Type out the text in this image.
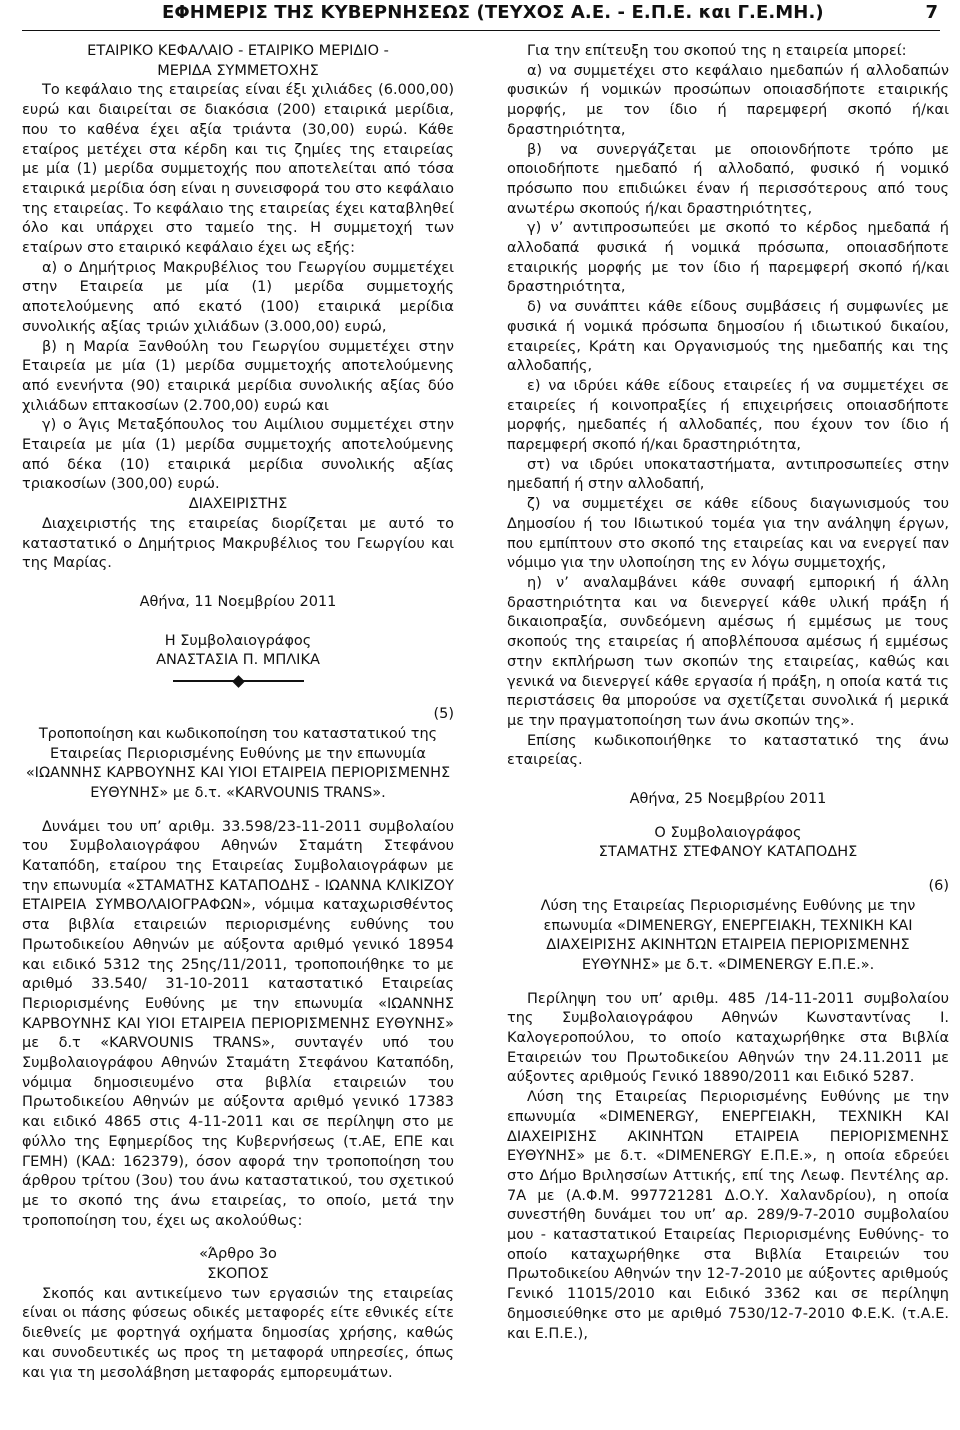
ΕΦΗΜΕΡΙΣ ΤΗΣ ΚΥΒΕΡΝΗΣΕΩΣ (ΤΕΥΧΟΣ Α.Ε. - Ε.Π.Ε. και Γ.Ε.ΜΗ.)	7

ΕΤΑΙΡΙΚΟ ΚΕΦΑΛΑΙΟ - ΕΤΑΙΡΙΚΟ ΜΕΡΙΔΙΟ -

ΜΕΡΙΔΑ ΣΥΜΜΕΤΟΧΗΣ

Το κεφάλαιο της εταιρείας είναι έξι χιλιάδες (6.000,00) ευρώ και διαιρείται σε διακόσια (200) εταιρικά μερίδια, που το καθένα έχει αξία τριάντα (30,00) ευρώ. Κάθε εταίρος μετέχει στα κέρδη και τις ζημίες της εταιρείας με μία (1) μερίδα συμμετοχής που αποτελείται από τόσα εταιρικά μερίδια όση είναι η συνεισφορά του στο κεφάλαιο της εταιρείας. Το κεφάλαιο της εταιρείας έχει καταβληθεί όλο και υπάρχει στο ταμείο της. Η συμμετοχή των εταίρων στο εταιρικό κεφάλαιο έχει ως εξής:

α) ο Δημήτριος Μακρυβέλιος του Γεωργίου συμμετέχει στην Εταιρεία με μία (1) μερίδα συμμετοχής αποτελούμενης από εκατό (100) εταιρικά μερίδια συνολικής αξίας τριών χιλιάδων (3.000,00) ευρώ,

β) η Μαρία Ξανθούλη του Γεωργίου συμμετέχει στην Εταιρεία με μία (1) μερίδα συμμετοχής αποτελούμενης από ενενήντα (90) εταιρικά μερίδια συνολικής αξίας δύο χιλιάδων επτακοσίων (2.700,00) ευρώ και

γ) ο Άγις Μεταξόπουλος του Αιμίλιου συμμετέχει στην Εταιρεία με μία (1) μερίδα συμμετοχής αποτελούμενης από δέκα (10) εταιρικά μερίδια συνολικής αξίας τριακοσίων (300,00) ευρώ.

ΔΙΑΧΕΙΡΙΣΤΗΣ

Διαχειριστής της εταιρείας διορίζεται με αυτό το καταστατικό ο Δημήτριος Μακρυβέλιος του Γεωργίου και της Μαρίας.

Αθήνα, 11 Νοεμβρίου 2011

Η Συμβολαιογράφος

ΑΝΑΣΤΑΣΙΑ Π. ΜΠΛΙΚΑ

(5)

Τροποποίηση και κωδικοποίηση του καταστατικού της Εταιρείας Περιορισμένης Ευθύνης με την επωνυμία «ΙΩΑΝΝΗΣ ΚΑΡΒΟΥΝΗΣ ΚΑΙ ΥΙΟΙ ΕΤΑΙΡΕΙΑ ΠΕΡΙΟΡΙΣΜΕΝΗΣ ΕΥΘΥΝΗΣ» με δ.τ. «KARVOUNIS TRANS».

Δυνάμει του υπ’ αριθμ. 33.598/23-11-2011 συμβολαίου του Συμβολαιογράφου Αθηνών Σταμάτη Στεφάνου Καταπόδη, εταίρου της Εταιρείας Συμβολαιογράφων με την επωνυμία «ΣΤΑΜΑΤΗΣ ΚΑΤΑΠΟΔΗΣ - ΙΩΑΝΝΑ ΚΛΙΚΙΖΟΥ ΕΤΑΙΡΕΙΑ ΣΥΜΒΟΛΑΙΟΓΡΑΦΩΝ», νόμιμα καταχωρισθέντος στα βιβλία εταιρειών περιορισμένης ευθύνης του Πρωτοδικείου Αθηνών με αύξοντα αριθμό γενικό 18954 και ειδικό 5312 της 25ης/11/2011, τροποποιήθηκε το με αριθμό 33.540/ 31-10-2011 καταστατικό Εταιρείας Περιορισμένης Ευθύνης με την επωνυμία «ΙΩΑΝΝΗΣ ΚΑΡΒΟΥΝΗΣ ΚΑΙ ΥΙΟΙ ΕΤΑΙΡΕΙΑ ΠΕΡΙΟΡΙΣΜΕΝΗΣ ΕΥΘΥΝΗΣ» με δ.τ «KARVOUNIS TRANS», συνταγέν υπό του Συμβολαιογράφου Αθηνών Σταμάτη Στεφάνου Καταπόδη, νόμιμα δημοσιευμένο στα βιβλία εταιρειών του Πρωτοδικείου Αθηνών με αύξοντα αριθμό γενικό 17383 και ειδικό 4865 στις 4-11-2011 και σε περίληψη στο με φύλλο της Εφημερίδος της Κυβερνήσεως (τ.ΑΕ, ΕΠΕ και ΓΕΜΗ) (ΚΑΔ: 162379), όσον αφορά την τροποποίηση του άρθρου τρίτου (3ου) του άνω καταστατικού, του σχετικού με το σκοπό της άνω εταιρείας, το οποίο, μετά την τροποποίηση του, έχει ως ακολούθως:

«Άρθρο 3ο

ΣΚΟΠΟΣ

Σκοπός και αντικείμενο των εργασιών της εταιρείας είναι οι πάσης φύσεως οδικές μεταφορές είτε εθνικές είτε διεθνείς με φορτηγά οχήματα δημοσίας χρήσης, καθώς και συνοδευτικές ως προς τη μεταφορά υπηρεσίες, όπως και για τη μεσολάβηση μεταφοράς εμπορευμάτων.

Για την επίτευξη του σκοπού της η εταιρεία μπορεί:

α) να συμμετέχει στο κεφάλαιο ημεδαπών ή αλλοδαπών φυσικών ή νομικών προσώπων οποιασδήποτε εταιρικής μορφής, με τον ίδιο ή παρεμφερή σκοπό ή/και δραστηριότητα,

β) να συνεργάζεται με οποιονδήποτε τρόπο με οποιοδήποτε ημεδαπό ή αλλοδαπό, φυσικό ή νομικό πρόσωπο που επιδιώκει έναν ή περισσότερους από τους ανωτέρω σκοπούς ή/και δραστηριότητες,

γ) ν’ αντιπροσωπεύει με σκοπό το κέρδος ημεδαπά ή αλλοδαπά φυσικά ή νομικά πρόσωπα, οποιασδήποτε εταιρικής μορφής με τον ίδιο ή παρεμφερή σκοπό ή/και δραστηριότητα,

δ) να συνάπτει κάθε είδους συμβάσεις ή συμφωνίες με φυσικά ή νομικά πρόσωπα δημοσίου ή ιδιωτικού δικαίου, εταιρείες, Κράτη και Οργανισμούς της ημεδαπής και της αλλοδαπής,

ε) να ιδρύει κάθε είδους εταιρείες ή να συμμετέχει σε εταιρείες ή κοινοπραξίες ή επιχειρήσεις οποιασδήποτε μορφής, ημεδαπές ή αλλοδαπές, που έχουν τον ίδιο ή παρεμφερή σκοπό ή/και δραστηριότητα,

στ) να ιδρύει υποκαταστήματα, αντιπροσωπείες στην ημεδαπή ή στην αλλοδαπή,

ζ) να συμμετέχει σε κάθε είδους διαγωνισμούς του Δημοσίου ή του Ιδιωτικού τομέα για την ανάληψη έργων, που εμπίπτουν στο σκοπό της εταιρείας και να ενεργεί παν νόμιμο για την υλοποίηση της εν λόγω συμμετοχής,

η) ν’ αναλαμβάνει κάθε συναφή εμπορική ή άλλη δραστηριότητα και να διενεργεί κάθε υλική πράξη ή δικαιοπραξία, συνδεόμενη αμέσως ή εμμέσως με τους σκοπούς της εταιρείας ή αποβλέπουσα αμέσως ή εμμέσως στην εκπλήρωση των σκοπών της εταιρείας, καθώς και γενικά να διενεργεί κάθε εργασία ή πράξη, η οποία κατά τις περιστάσεις θα μπορούσε να σχετίζεται συνολικά ή μερικά με την πραγματοποίηση των άνω σκοπών της».

Επίσης κωδικοποιήθηκε το καταστατικό της άνω εταιρείας.

Αθήνα, 25 Νοεμβρίου 2011

Ο Συμβολαιογράφος

ΣΤΑΜΑΤΗΣ ΣΤΕΦΑΝΟΥ ΚΑΤΑΠΟΔΗΣ

(6)

Λύση της Εταιρείας Περιορισμένης Ευθύνης με την επωνυμία «DIMENERGY, ΕΝΕΡΓΕΙΑΚΗ, ΤΕΧΝΙΚΗ ΚΑΙ ΔΙΑΧΕΙΡΙΣΗΣ ΑΚΙΝΗΤΩΝ ΕΤΑΙΡΕΙΑ ΠΕΡΙΟΡΙΣΜΕΝΗΣ ΕΥΘΥΝΗΣ» με δ.τ. «DIMENERGY Ε.Π.Ε.».

Περίληψη του υπ’ αριθμ. 485 /14-11-2011 συμβολαίου της Συμβολαιογράφου Αθηνών Κωνσταντίνας Ι. Καλογερoπούλου, το οποίο καταχωρήθηκε στα Βιβλία Εταιρειών του Πρωτοδικείου Αθηνών την 24.11.2011 με αύξοντες αριθμούς Γενικό 18890/2011 και Ειδικό 5287.

Λύση της Εταιρείας Περιορισμένης Ευθύνης με την επωνυμία «DIMENERGY, ΕΝΕΡΓΕΙΑΚΗ, ΤΕΧΝΙΚΗ ΚΑΙ ΔΙΑΧΕΙΡΙΣΗΣ ΑΚΙΝΗΤΩΝ ΕΤΑΙΡΕΙΑ ΠΕΡΙΟΡΙΣΜΕΝΗΣ ΕΥΘΥΝΗΣ» με δ.τ. «DIMENERGY Ε.Π.Ε.», η οποία εδρεύει στο Δήμο Βριλησσίων Αττικής, επί της Λεωφ. Πεντέλης αρ. 7Α με (Α.Φ.Μ. 997721281 Δ.Ο.Υ. Χαλανδρίου), η οποία συνεστήθη δυνάμει του υπ’ αρ. 289/9-7-2010 συμβολαίου μου - καταστατικού Εταιρείας Περιορισμένης Ευθύνης- το οποίο καταχωρήθηκε στα Βιβλία Εταιρειών του Πρωτοδικείου Αθηνών την 12-7-2010 με αύξοντες αριθμούς Γενικό 11015/2010 και Ειδικό 3362 και σε περίληψη δημοσιεύθηκε στο με αριθμό 7530/12-7-2010 Φ.Ε.Κ. (τ.Α.Ε. και Ε.Π.Ε.),
